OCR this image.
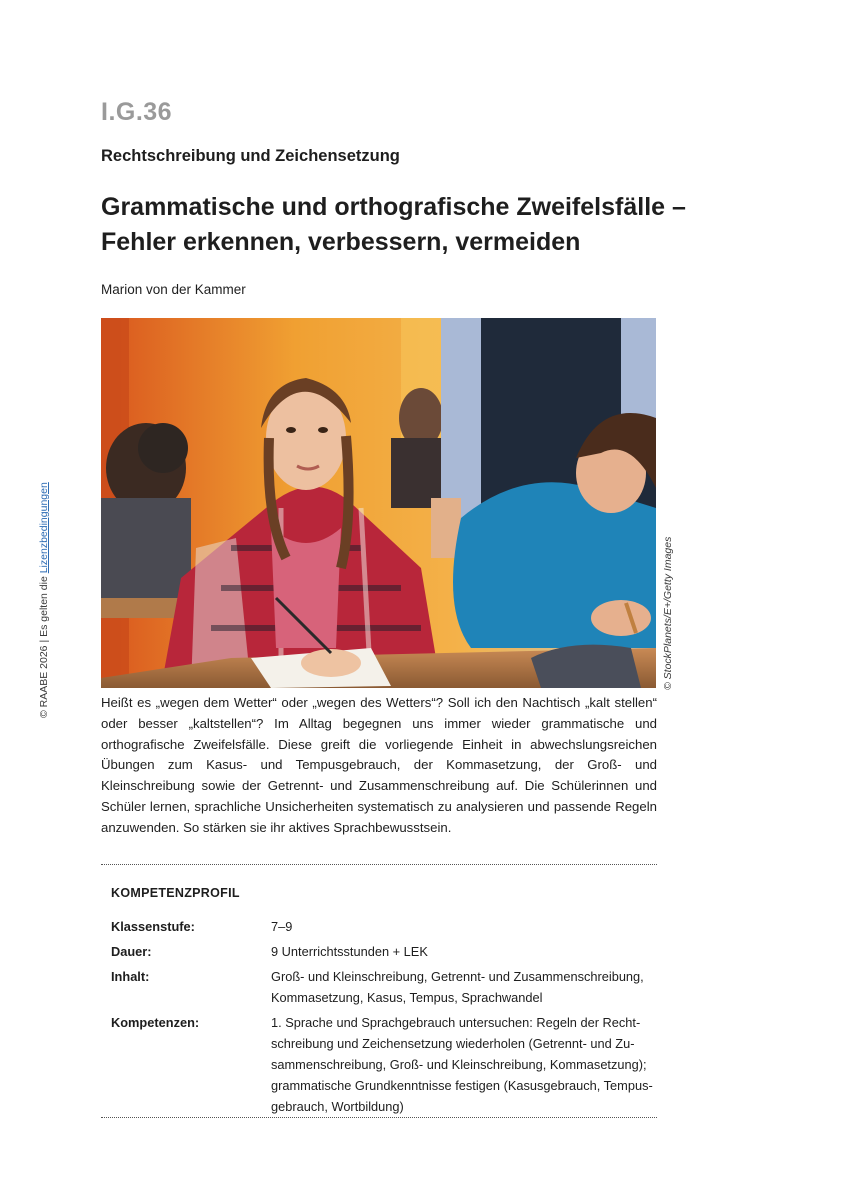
I.G.36
Rechtschreibung und Zeichensetzung
Grammatische und orthografische Zweifelsfälle – Fehler erkennen, verbessern, vermeiden
Marion von der Kammer
© StockPlanets/E+/Getty Images
© RAABE 2026 | Es gelten die Lizenzbedingungen

Heißt es „wegen dem Wetter“ oder „wegen des Wetters“? Soll ich den Nachtisch „kalt stellen“ oder besser „kaltstellen“? Im Alltag begegnen uns immer wieder grammatische und orthografische Zweifelsfälle. Diese greift die vorliegende Einheit in abwechslungsreichen Übungen zum Kasus- und Tempusgebrauch, der Kommasetzung, der Groß- und Kleinschreibung sowie der Getrennt- und Zusammenschreibung auf. Die Schülerinnen und Schüler lernen, sprachliche Unsicherheiten systematisch zu analysieren und passende Regeln anzuwenden. So stärken sie ihr aktives Sprachbewusstsein.

KOMPETENZPROFIL
Klassenstufe:	7–9
Dauer:	9 Unterrichtsstunden + LEK
Inhalt:	Groß- und Kleinschreibung, Getrennt- und Zusammenschreibung,
Kommasetzung, Kasus, Tempus, Sprachwandel
Kompetenzen:	1. Sprache und Sprachgebrauch untersuchen: Regeln der Recht-
schreibung und Zeichensetzung wiederholen (Getrennt- und Zu-
sammenschreibung, Groß- und Kleinschreibung, Kommasetzung);
grammatische Grundkenntnisse festigen (Kasusgebrauch, Tempus-
gebrauch, Wortbildung)
